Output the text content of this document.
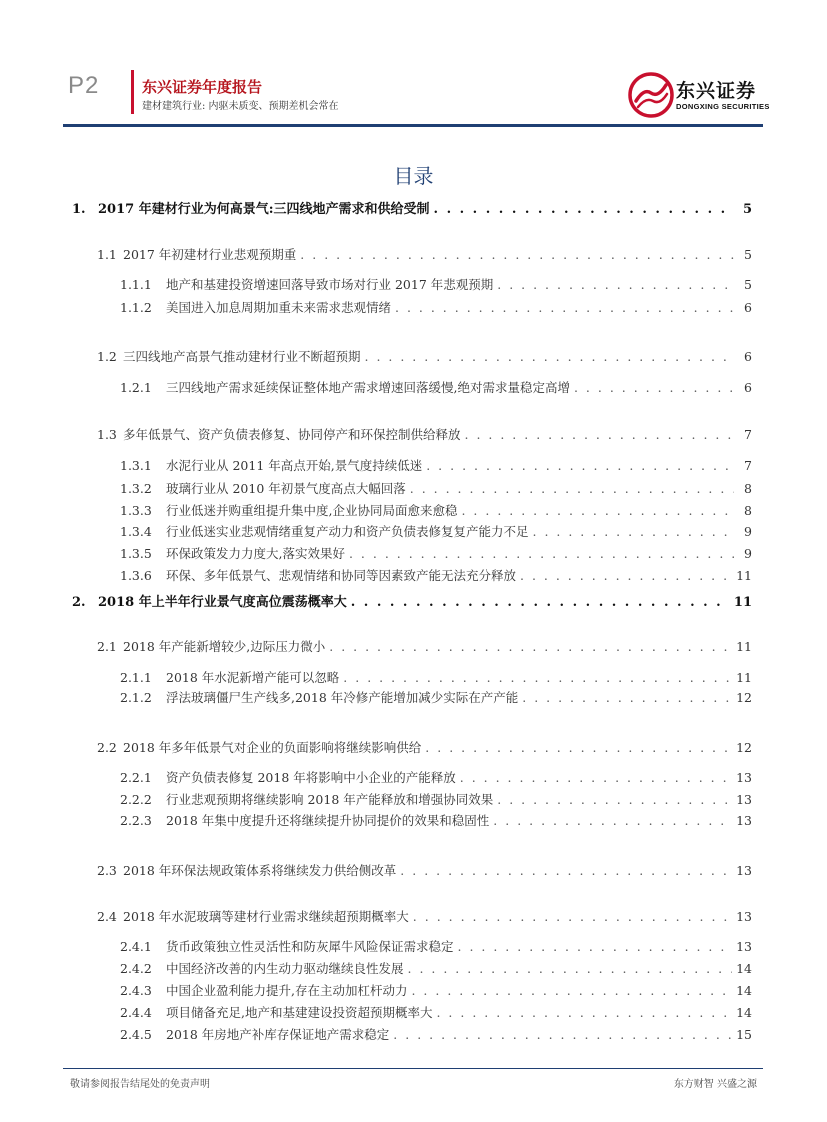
P2	东兴证券年度报告
建材建筑行业: 内驱未质变、预期差机会常在
东兴证券
DONGXING SECURITIES
目录
1. 2017 年建材行业为何高景气:三四线地产需求和供给受制 . . .	5
1.1 2017 年初建材行业悲观预期重 . . .	5
1.1.1	地产和基建投资增速回落导致市场对行业 2017 年悲观预期 . . .	5
1.1.2	美国进入加息周期加重未来需求悲观情绪 . . .	6
1.2 三四线地产高景气推动建材行业不断超预期 . . .	6
1.2.1	三四线地产需求延续保证整体地产需求增速回落缓慢,绝对需求量稳定高增 . . .	6
1.3 多年低景气、资产负债表修复、协同停产和环保控制供给释放 . . .	7
1.3.1	水泥行业从 2011 年高点开始,景气度持续低迷 . . .	7
1.3.2	玻璃行业从 2010 年初景气度高点大幅回落 . . .	8
1.3.3	行业低迷并购重组提升集中度,企业协同局面愈来愈稳 . . .	8
1.3.4	行业低迷实业悲观情绪重复产动力和资产负债表修复复产能力不足 . . .	9
1.3.5	环保政策发力力度大,落实效果好 . . .	9
1.3.6	环保、多年低景气、悲观情绪和协同等因素致产能无法充分释放 . . .	11
2. 2018 年上半年行业景气度高位震荡概率大 . . .	11
2.1 2018 年产能新增较少,边际压力微小 . . .	11
2.1.1	2018 年水泥新增产能可以忽略 . . .	11
2.1.2	浮法玻璃僵尸生产线多,2018 年冷修产能增加减少实际在产产能 . . .	12
2.2 2018 年多年低景气对企业的负面影响将继续影响供给 . . .	12
2.2.1	资产负债表修复 2018 年将影响中小企业的产能释放 . . .	13
2.2.2	行业悲观预期将继续影响 2018 年产能释放和增强协同效果 . . .	13
2.2.3	2018 年集中度提升还将继续提升协同提价的效果和稳固性 . . .	13
2.3 2018 年环保法规政策体系将继续发力供给侧改革 . . .	13
2.4 2018 年水泥玻璃等建材行业需求继续超预期概率大 . . .	13
2.4.1	货币政策独立性灵活性和防灰犀牛风险保证需求稳定 . . .	13
2.4.2	中国经济改善的内生动力驱动继续良性发展 . . .	14
2.4.3	中国企业盈利能力提升,存在主动加杠杆动力 . . .	14
2.4.4	项目储备充足,地产和基建建设投资超预期概率大 . . .	14
2.4.5	2018 年房地产补库存保证地产需求稳定 . . .	15
敬请参阅报告结尾处的免责声明	东方财智 兴盛之源
